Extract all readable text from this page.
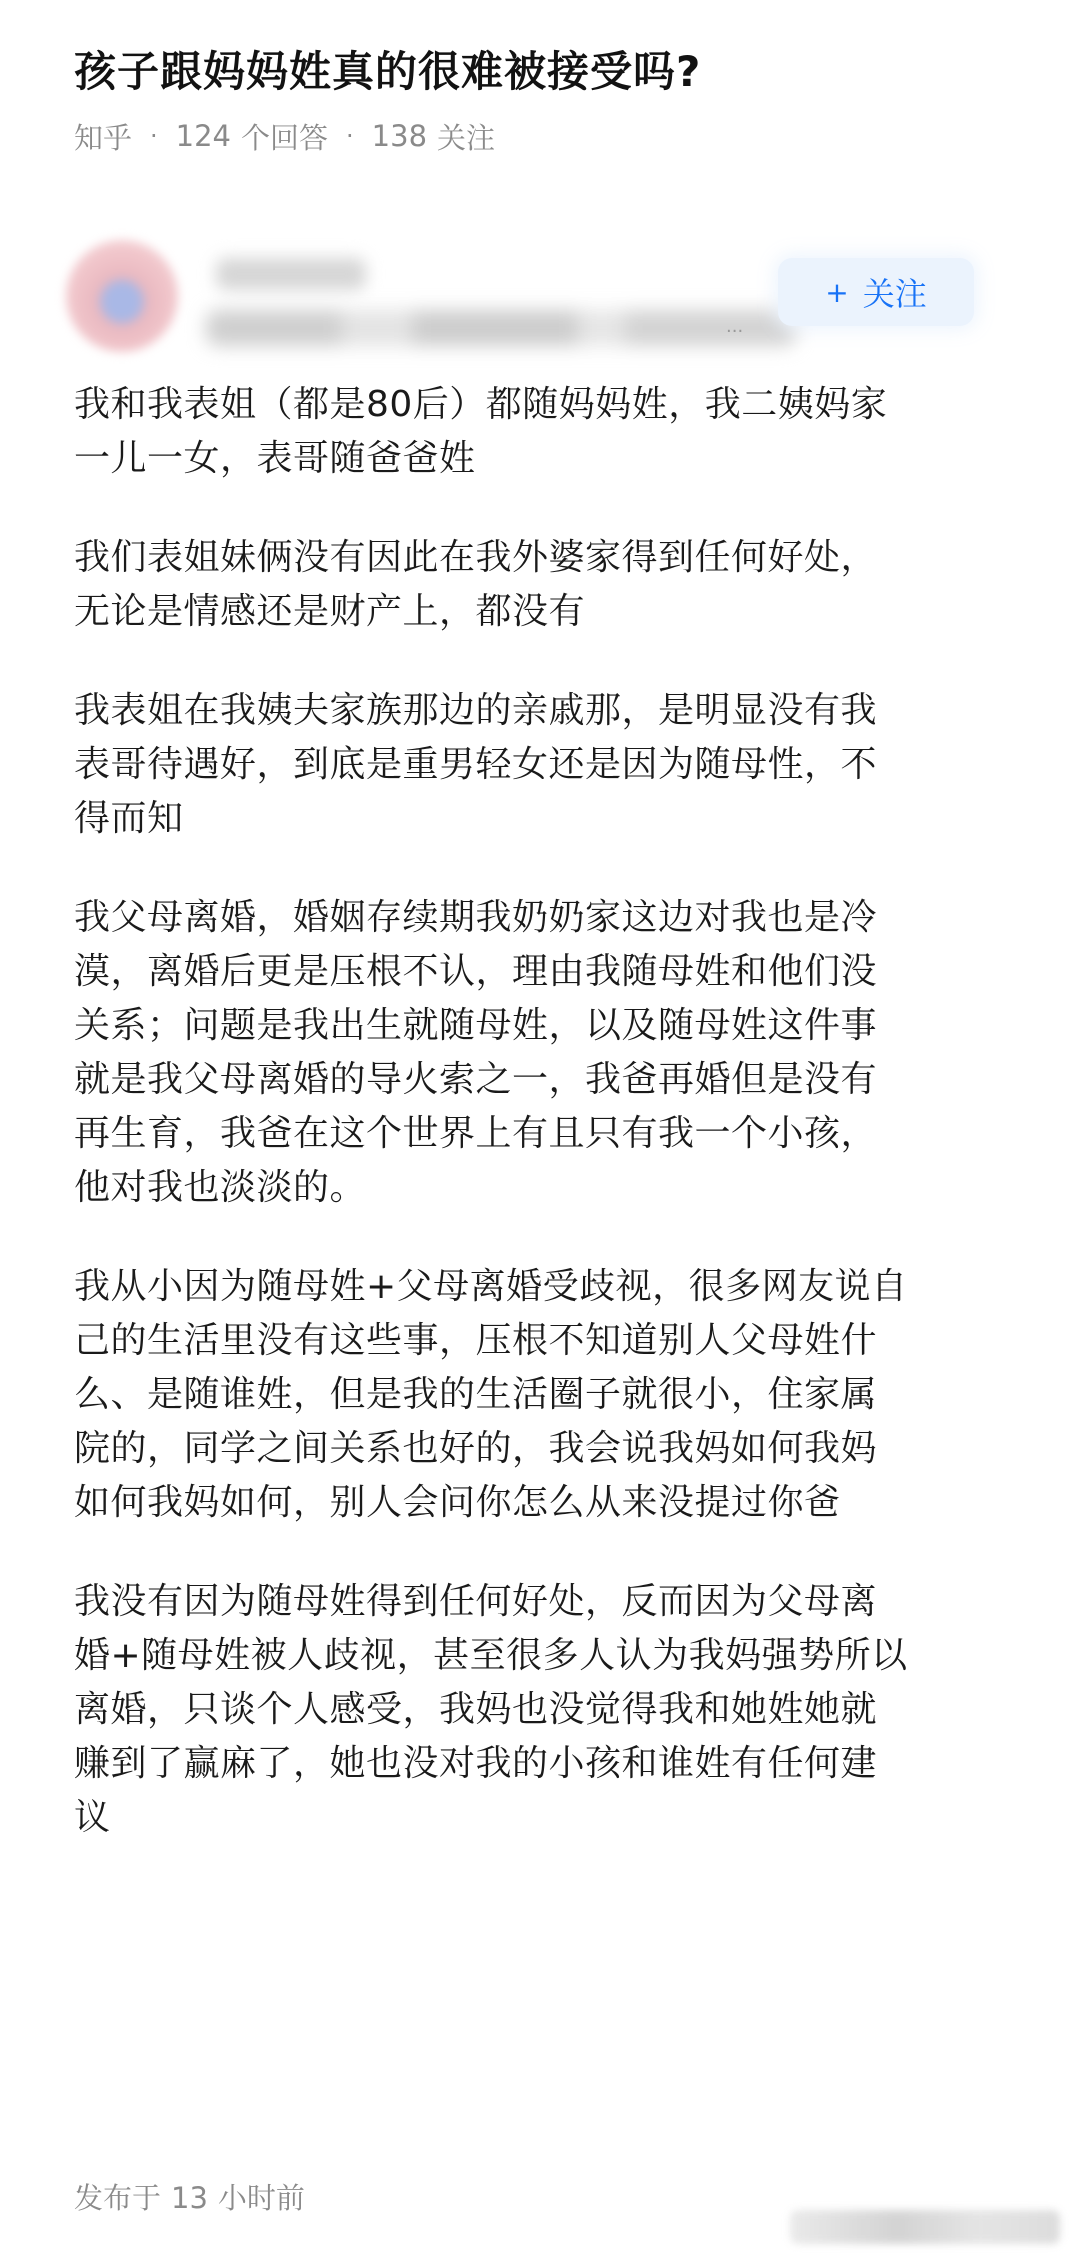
孩子跟妈妈姓真的很难被接受吗?
知乎 · 124 个回答 · 138 关注
...
+ 关注

我和我表姐（都是80后）都随妈妈姓，我二姨妈家
一儿一女，表哥随爸爸姓

我们表姐妹俩没有因此在我外婆家得到任何好处，
无论是情感还是财产上，都没有

我表姐在我姨夫家族那边的亲戚那，是明显没有我
表哥待遇好，到底是重男轻女还是因为随母性，不
得而知

我父母离婚，婚姻存续期我奶奶家这边对我也是冷
漠，离婚后更是压根不认，理由我随母姓和他们没
关系；问题是我出生就随母姓，以及随母姓这件事
就是我父母离婚的导火索之一，我爸再婚但是没有
再生育，我爸在这个世界上有且只有我一个小孩，
他对我也淡淡的。

我从小因为随母姓+父母离婚受歧视，很多网友说自
己的生活里没有这些事，压根不知道别人父母姓什
么、是随谁姓，但是我的生活圈子就很小，住家属
院的，同学之间关系也好的，我会说我妈如何我妈
如何我妈如何，别人会问你怎么从来没提过你爸

我没有因为随母姓得到任何好处，反而因为父母离
婚+随母姓被人歧视，甚至很多人认为我妈强势所以
离婚，只谈个人感受，我妈也没觉得我和她姓她就
赚到了赢麻了，她也没对我的小孩和谁姓有任何建
议

发布于 13 小时前
